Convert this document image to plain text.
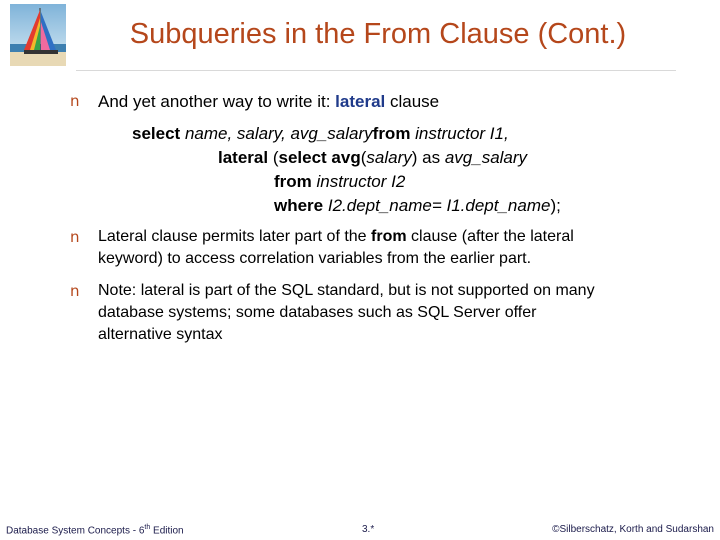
Subqueries in the From Clause (Cont.)
n And yet another way to write it: lateral clause
select name, salary, avg_salaryfrom instructor I1,
lateral (select avg(salary) as avg_salary
from instructor I2
where I2.dept_name= I1.dept_name);
n Lateral clause permits later part of the from clause (after the lateral
keyword) to access correlation variables from the earlier part.
n Note: lateral is part of the SQL standard, but is not supported on many
database systems; some databases such as SQL Server offer
alternative syntax
Database System Concepts - 6th Edition	3.*	©Silberschatz, Korth and Sudarshan
